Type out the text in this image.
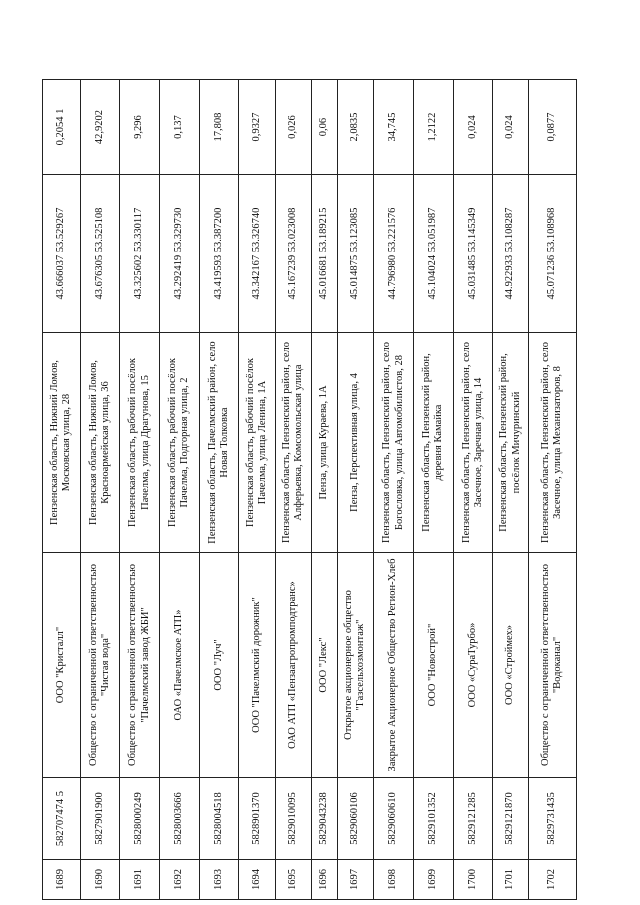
1689	582707474 5	ООО "Кристалл"	Пензенская область, Нижний Ломов, Московская улица, 28	43.666037 53.529267	0,2054 1
1690	5827901900	Общество с ограниченной ответственностью "Чистая вода"	Пензенская область, Нижний Ломов, Красноармейская улица, 36	43.676305 53.525108	42,9202
1691	5828000249	Общество с ограниченной ответственностью "Пачелмский завод ЖБИ"	Пензенская область, рабочий посёлок Пачелма, улица Драгунова, 15	43.325602 53.330117	9,296
1692	5828003666	ОАО «Пачелмское АТП»	Пензенская область, рабочий посёлок Пачелма, Подгорная улица, 2	43.292419 53.329730	0,137
1693	5828004518	ООО "Луч"	Пензенская область, Пачелмский район, село Новая Толковка	43.419593 53.387200	17,808
1694	5828901370	ООО "Пачелмский дорожник"	Пензенская область, рабочий посёлок Пачелма, улица Ленина, 1А	43.342167 53.326740	0,9327
1695	5829010095	ОАО АТП «Пензаагропромподтранс»	Пензенская область, Пензенский район, село Алферьевка, Комсомольская улица	45.167239 53.023008	0,026
1696	5829043238	ООО "Лекс"	Пенза, улица Кураева, 1А	45.016681 53.189215	0,06
1697	5829060106	Открытое акционерное общество "Газсельхозмонтаж"	Пенза, Перспективная улица, 4	45.014875 53.123085	2,0835
1698	5829060610	Закрытое Акционерное Общество Регион-Хлеб	Пензенская область, Пензенский район, село Богословка, улица Автомобилистов, 28	44.796980 53.221576	34,745
1699	5829101352	ООО "Новострой"	Пензенская область, Пензенский район, деревня Камайка	45.104024 53.051987	1,2122
1700	5829121285	ООО «СураТурбо»	Пензенская область, Пензенский район, село Засечное, Заречная улица, 14	45.031485 53.145349	0,024
1701	5829121870	ООО «Строймех»	Пензенская область, Пензенский район, посёлок Мичуринский	44.922933 53.108287	0,024
1702	5829731435	Общество с ограниченной ответственностью "Водоканал"	Пензенская область, Пензенский район, село Засечное, улица Механизаторов, 8	45.071236 53.108968	0,0877
